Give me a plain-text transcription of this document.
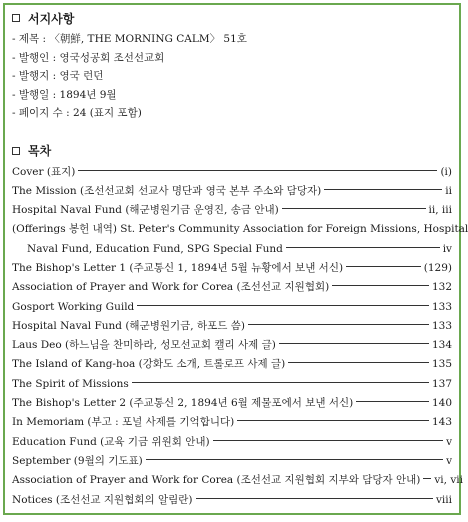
서지사항
- 제목 : 〈朝鮮, THE MORNING CALM〉 51호
- 발행인 : 영국성공회 조선선교회
- 발행지 : 영국 런던
- 발행일 : 1894년 9월
- 페이지 수 : 24 (표지 포함)
목차
Cover (표지)	(i)
The Mission (조선선교회 선교사 명단과 영국 본부 주소와 담당자)	ii
Hospital Naval Fund (해군병원기금 운영진, 송금 안내)	ii, iii
(Offerings 봉헌 내역) St. Peter's Community Association for Foreign Missions, Hospital
Naval Fund, Education Fund, SPG Special Fund	iv
The Bishop's Letter 1 (주교통신 1, 1894년 5월 뉴황에서 보낸 서신)	(129)
Association of Prayer and Work for Corea (조선선교 지원협회)	132
Gosport Working Guild	133
Hospital Naval Fund (해군병원기금, 하포드 씀)	133
Laus Deo (하느님을 찬미하라, 성모선교회 캘리 사제 글)	134
The Island of Kang-hoa (강화도 소개, 트롤로프 사제 글)	135
The Spirit of Missions	137
The Bishop's Letter 2 (주교통신 2, 1894년 6월 제물포에서 보낸 서신)	140
In Memoriam (부고 : 포널 사제를 기억합니다)	143
Education Fund (교육 기금 위원회 안내)	v
September (9월의 기도표)	v
Association of Prayer and Work for Corea (조선선교 지원협회 지부와 담당자 안내) vi, vii
Notices (조선선교 지원협회의 알림란)	viii
